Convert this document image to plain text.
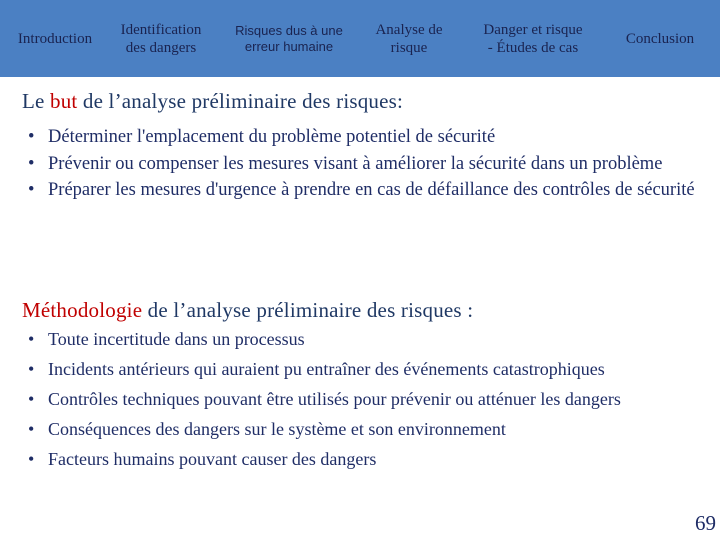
Introduction
Identification
des dangers
Risques dus à une
erreur humaine
Analyse de
risque
Danger et risque
- Études de cas
Conclusion
Le but de l’analyse préliminaire des risques:
• Déterminer l'emplacement du problème potentiel de sécurité
• Prévenir ou compenser les mesures visant à améliorer la sécurité dans un problème
• Préparer les mesures d'urgence à prendre en cas de défaillance des contrôles de sécurité
Méthodologie de l’analyse préliminaire des risques :
• Toute incertitude dans un processus
• Incidents antérieurs qui auraient pu entraîner des événements catastrophiques
• Contrôles techniques pouvant être utilisés pour prévenir ou atténuer les dangers
• Conséquences des dangers sur le système et son environnement
• Facteurs humains pouvant causer des dangers
69
